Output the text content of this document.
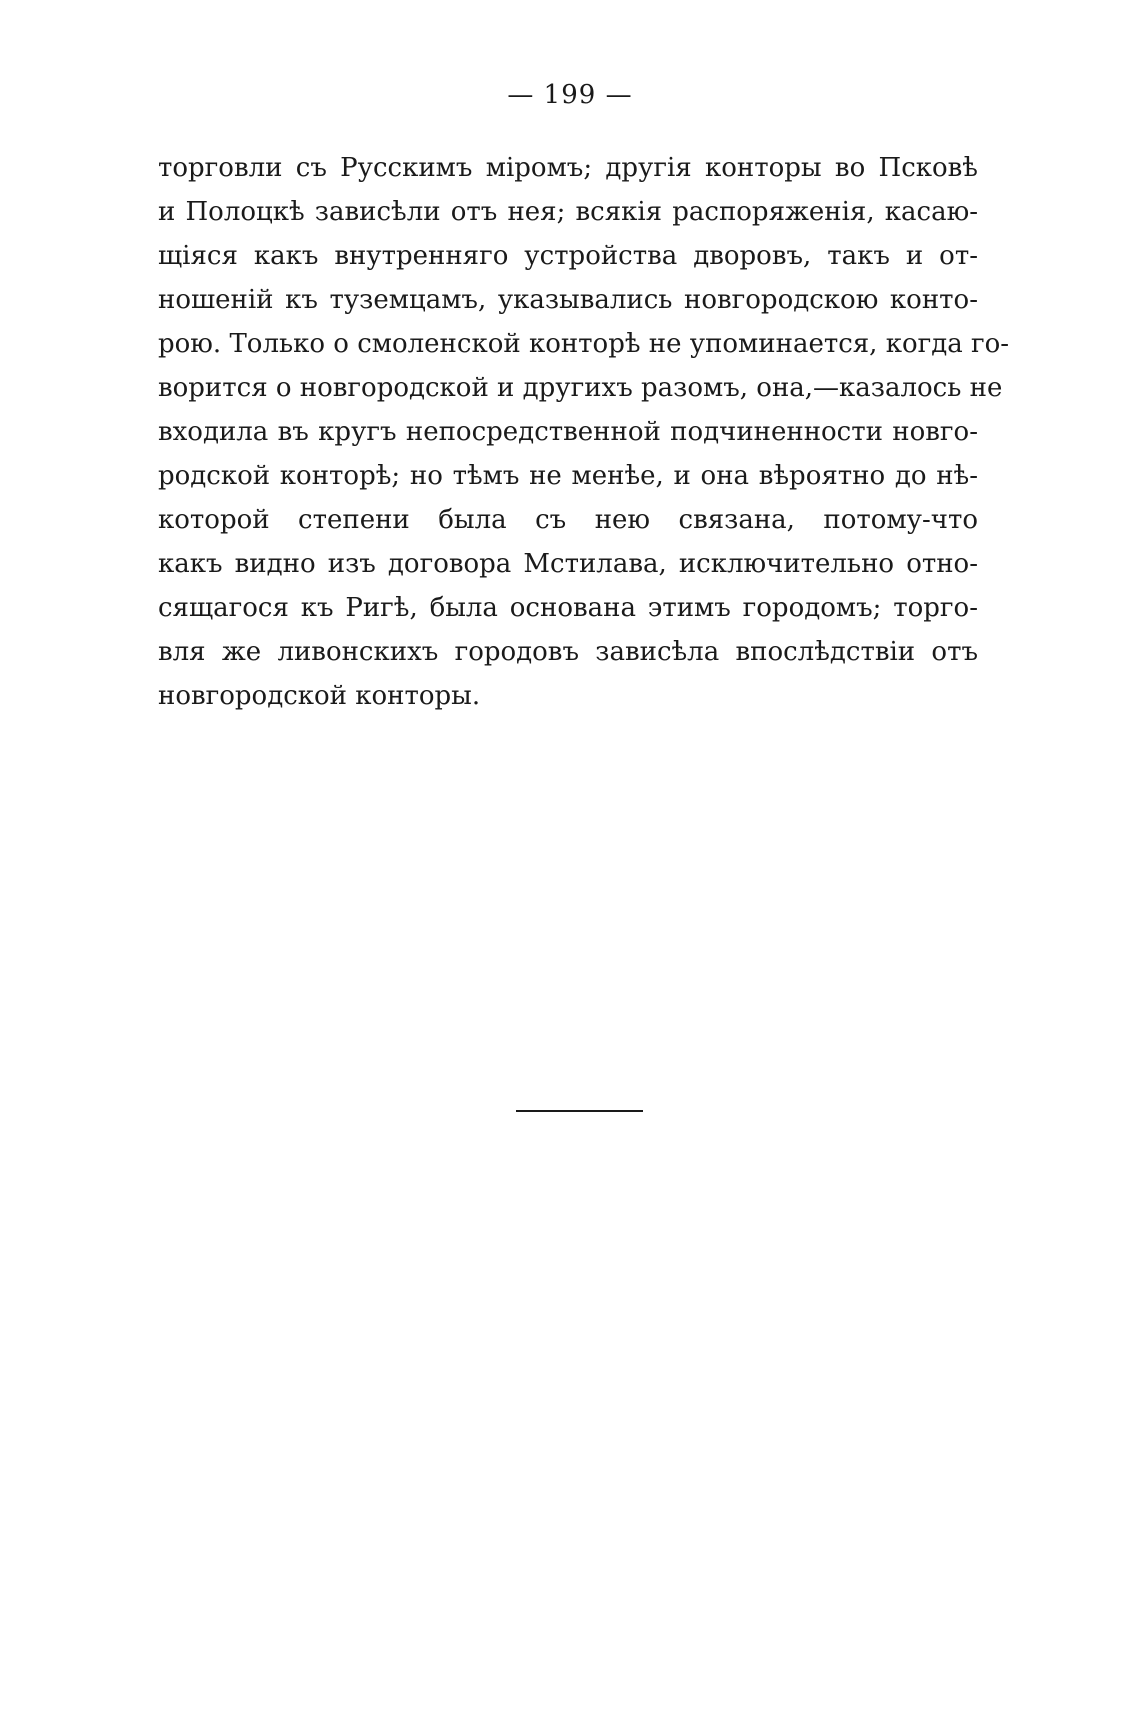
— 199 —
торговли съ Русскимъ міромъ; другія конторы во Псковѣ
и Полоцкѣ зависѣли отъ нея; всякія распоряженія, касаю-
щіяся какъ внутренняго устройства дворовъ, такъ и от-
ношеній къ туземцамъ, указывались новгородскою конто-
рою. Только о смоленской конторѣ не упоминается, когда го-
ворится о новгородской и другихъ разомъ, она,—казалось не
входила въ кругъ непосредственной подчиненности новго-
родской конторѣ; но тѣмъ не менѣе, и она вѣроятно до нѣ-
которой степени была съ нею связана, потому-что
какъ видно изъ договора Мстилава, исключительно отно-
сящагося къ Ригѣ, была основана этимъ городомъ; торго-
вля же ливонскихъ городовъ зависѣла впослѣдствіи отъ
новгородской конторы.
